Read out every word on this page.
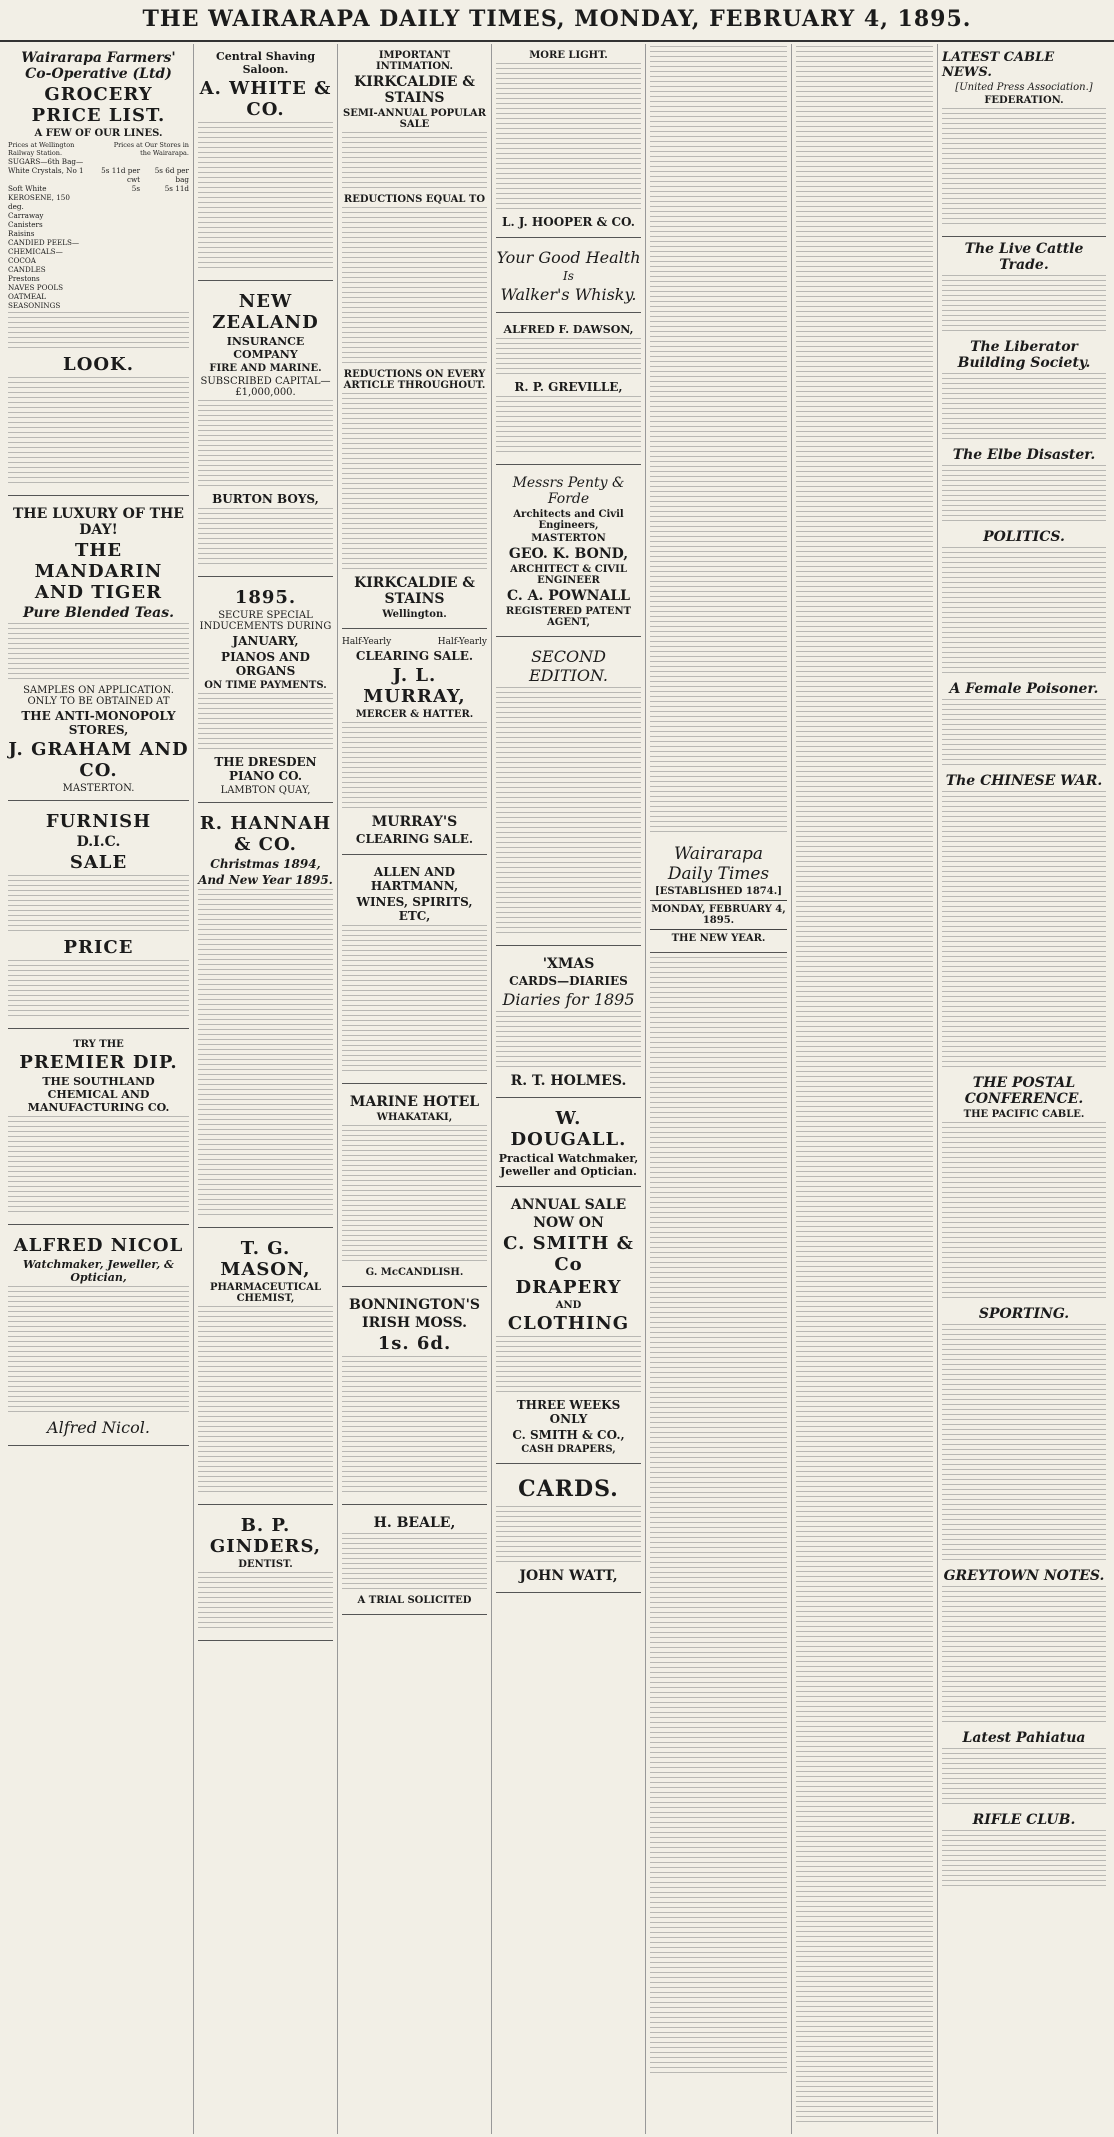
THE WAIRARAPA DAILY TIMES, MONDAY, FEBRUARY 4, 1895.
Wairarapa Farmers' Co-Operative (Ltd)
GROCERY PRICE LIST.
A FEW OF OUR LINES.
Prices at Wellington Railway Station.
Prices at Our Stores in the Wairarapa.
SUGARS—6th Bag—		
White Crystals, No 1	5s 11d per cwt	5s 6d per bag
Soft White	5s	5s 11d
KEROSENE, 150 deg.		
Carraway		
Canisters		
Raisins		
CANDIED PEELS—		
CHEMICALS—		
COCOA		
CANDLES		
Prestons		
NAVES POOLS		
OATMEAL		
SEASONINGS		
LOOK.
THE LUXURY OF THE DAY!
THE MANDARIN AND TIGER
Pure Blended Teas.
SAMPLES ON APPLICATION. ONLY TO BE OBTAINED AT
THE ANTI-MONOPOLY STORES,
J. GRAHAM AND CO.
MASTERTON.
FURNISH
D.I.C.
SALE
PRICE
TRY THE
PREMIER DIP.
THE SOUTHLAND CHEMICAL AND MANUFACTURING CO.
ALFRED NICOL
Watchmaker, Jeweller, & Optician,
Alfred Nicol.
Central Shaving Saloon.
A. WHITE & CO.
NEW ZEALAND
INSURANCE COMPANY
FIRE AND MARINE.
SUBSCRIBED CAPITAL—£1,000,000.
BURTON BOYS,
1895.
SECURE SPECIAL INDUCEMENTS DURING
JANUARY,
PIANOS AND ORGANS
ON TIME PAYMENTS.
THE DRESDEN PIANO CO.
LAMBTON QUAY,
R. HANNAH & CO.
Christmas 1894,
And New Year 1895.
T. G. MASON,
PHARMACEUTICAL CHEMIST,
B. P. GINDERS,
DENTIST.
IMPORTANT INTIMATION.
KIRKCALDIE & STAINS
SEMI-ANNUAL POPULAR SALE
REDUCTIONS EQUAL TO
REDUCTIONS ON EVERY ARTICLE THROUGHOUT.
KIRKCALDIE & STAINS
Wellington.
Half-Yearly	Half-Yearly
CLEARING SALE.
J. L. MURRAY,
MERCER & HATTER.
MURRAY'S
CLEARING SALE.
ALLEN AND HARTMANN,
WINES, SPIRITS, ETC,
MARINE HOTEL
WHAKATAKI,
G. McCANDLISH.
BONNINGTON'S
IRISH MOSS.
1s. 6d.
H. BEALE,
A TRIAL SOLICITED
MORE LIGHT.
L. J. HOOPER & CO.
Your Good Health
Is
Walker's Whisky.
ALFRED F. DAWSON,
R. P. GREVILLE,
Messrs Penty & Forde
Architects and Civil Engineers,
MASTERTON
GEO. K. BOND,
ARCHITECT & CIVIL ENGINEER
C. A. POWNALL
REGISTERED PATENT AGENT,
SECOND EDITION.
'XMAS
CARDS—DIARIES
Diaries for 1895
R. T. HOLMES.
W. DOUGALL.
Practical Watchmaker, Jeweller and Optician.
ANNUAL SALE
NOW ON
C. SMITH & Co
DRAPERY
AND
CLOTHING
THREE WEEKS ONLY
C. SMITH & CO.,
CASH DRAPERS,
CARDS.
JOHN WATT,
Wairarapa Daily Times
[ESTABLISHED 1874.]
MONDAY, FEBRUARY 4, 1895.
THE NEW YEAR.
LATEST CABLE NEWS.
[United Press Association.]
FEDERATION.
The Live Cattle Trade.
The Liberator Building Society.
The Elbe Disaster.
POLITICS.
A Female Poisoner.
The CHINESE WAR.
THE POSTAL CONFERENCE.
THE PACIFIC CABLE.
SPORTING.
GREYTOWN NOTES.
Latest Pahiatua
RIFLE CLUB.
